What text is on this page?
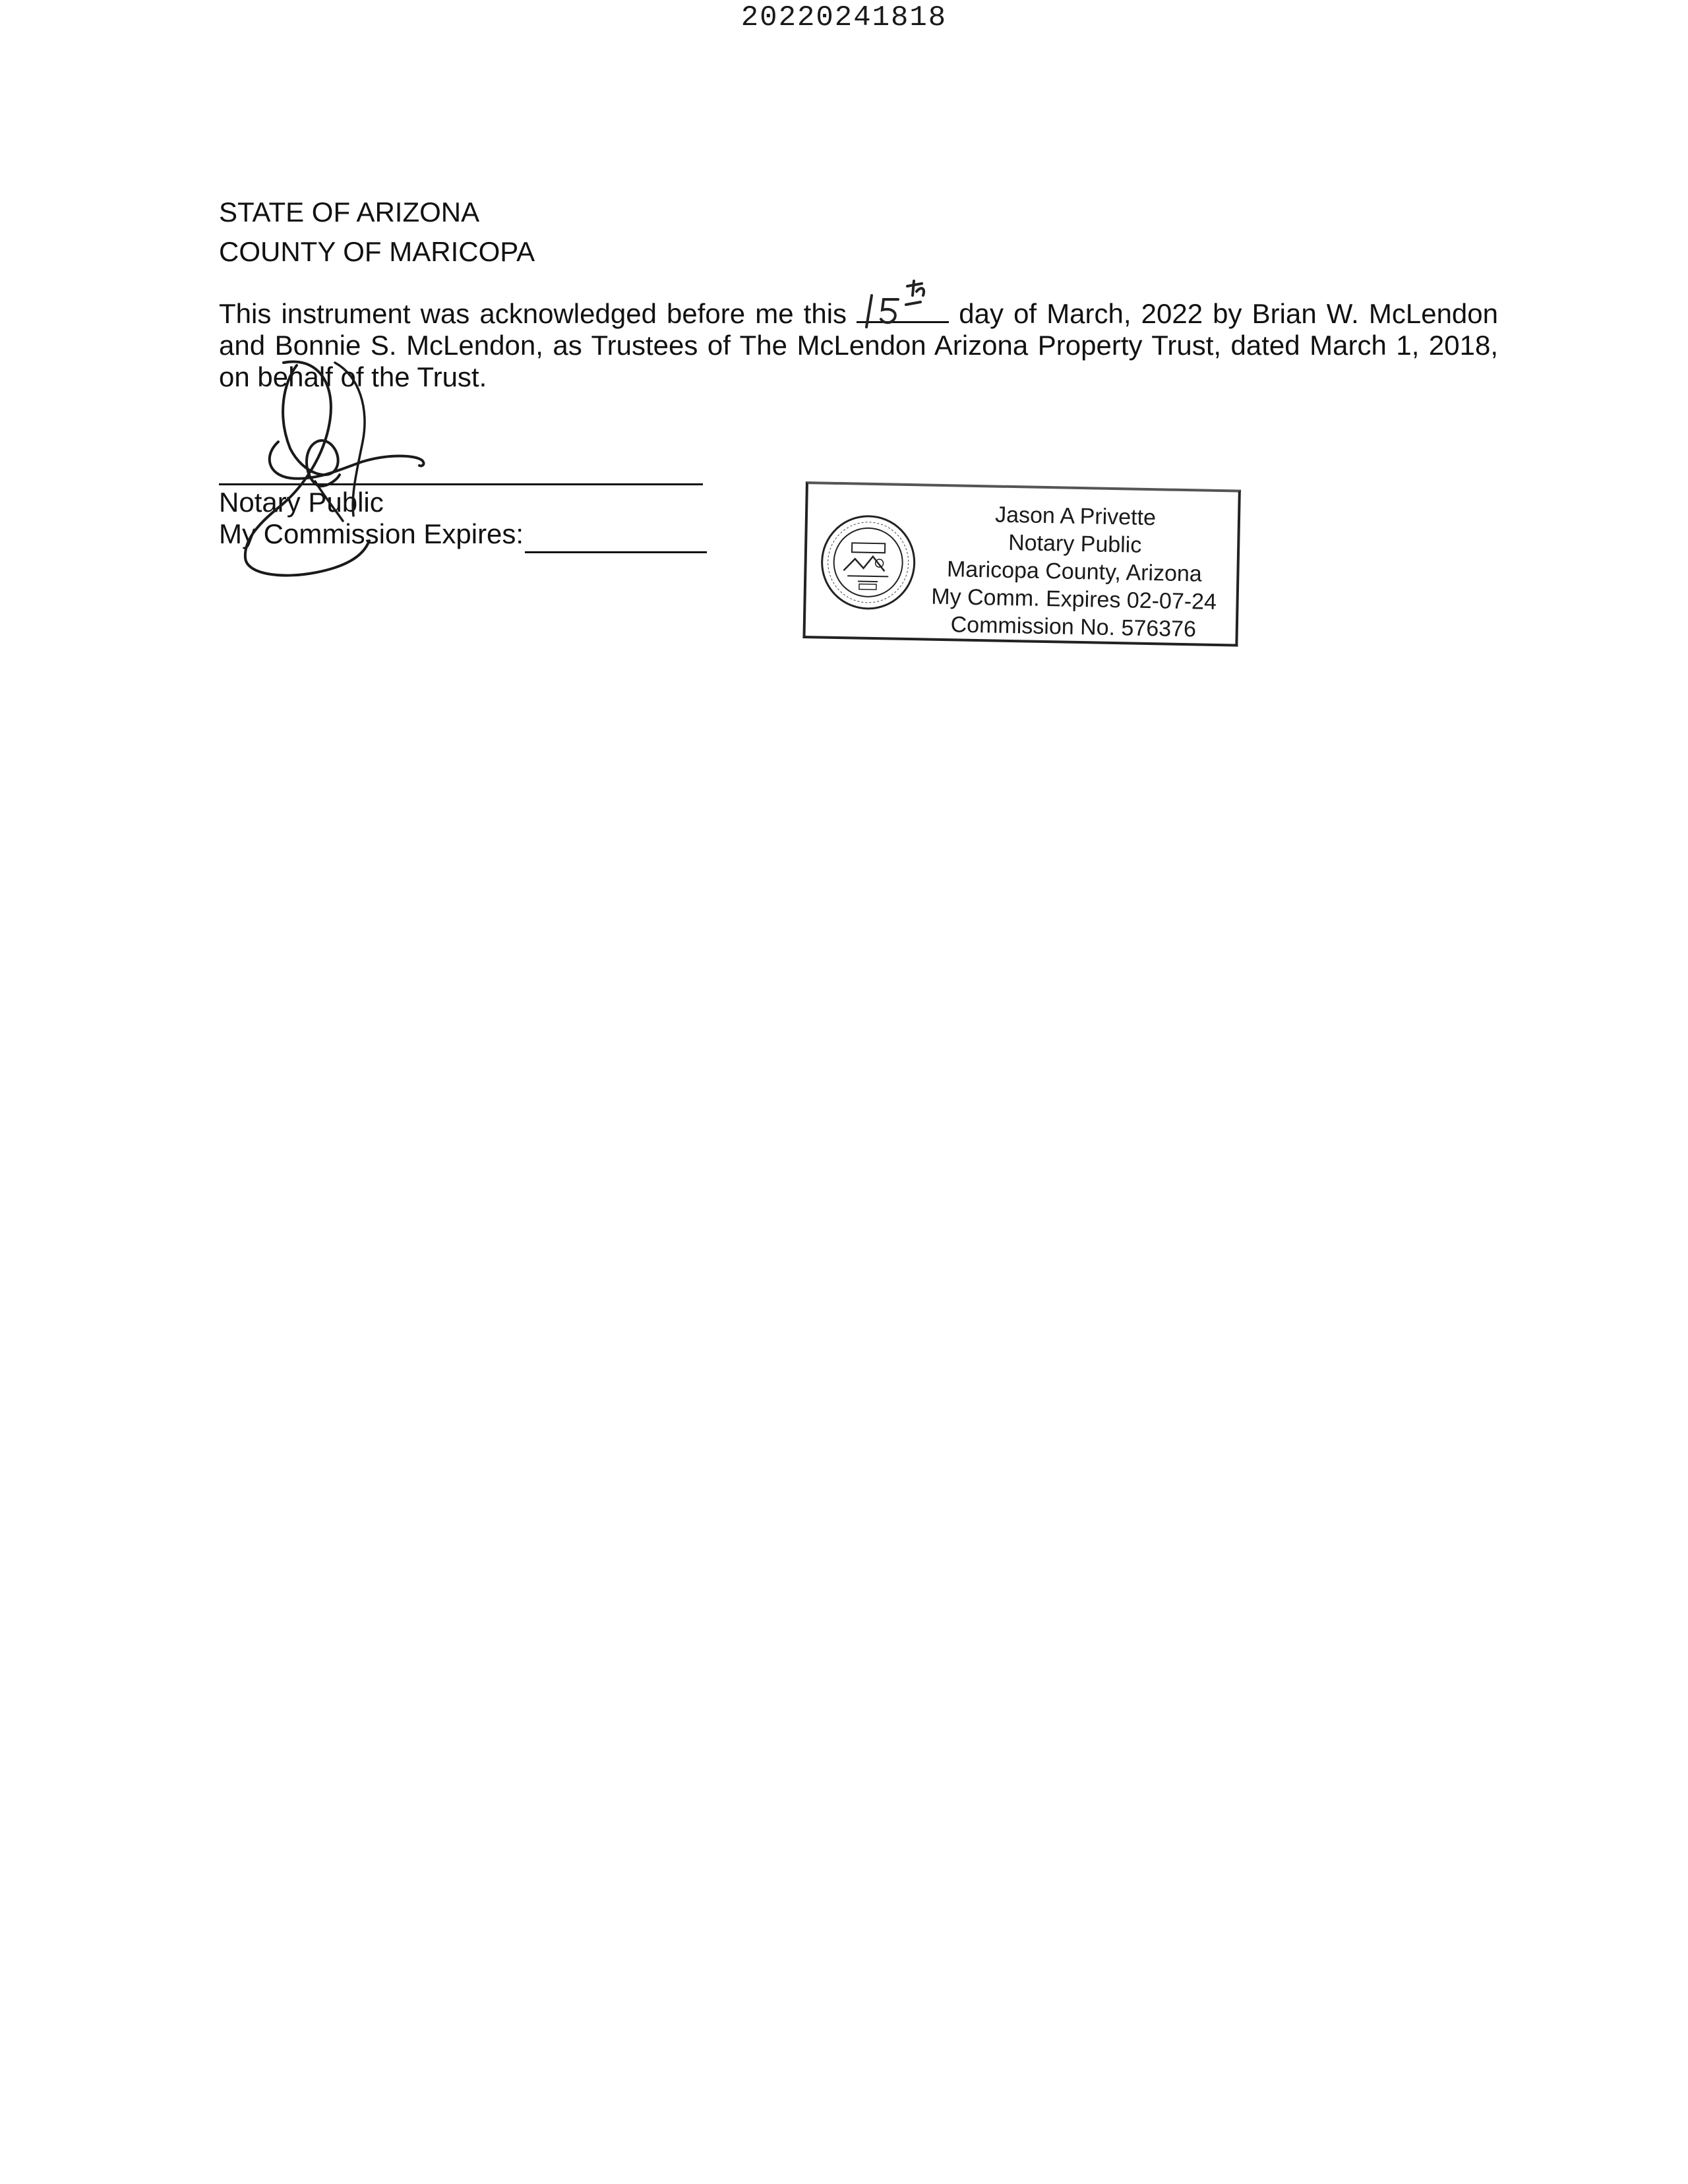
20220241818
STATE OF ARIZONA
COUNTY OF MARICOPA
This instrument was acknowledged before me this	day of March, 2022 by Brian W. McLendon and Bonnie S. McLendon, as Trustees of The McLendon Arizona Property Trust, dated March 1, 2018, on behalf of the Trust.
Notary Public
My Commission Expires:
Jason A Privette
Notary Public
Maricopa County, Arizona
My Comm. Expires 02-07-24
Commission No. 576376
